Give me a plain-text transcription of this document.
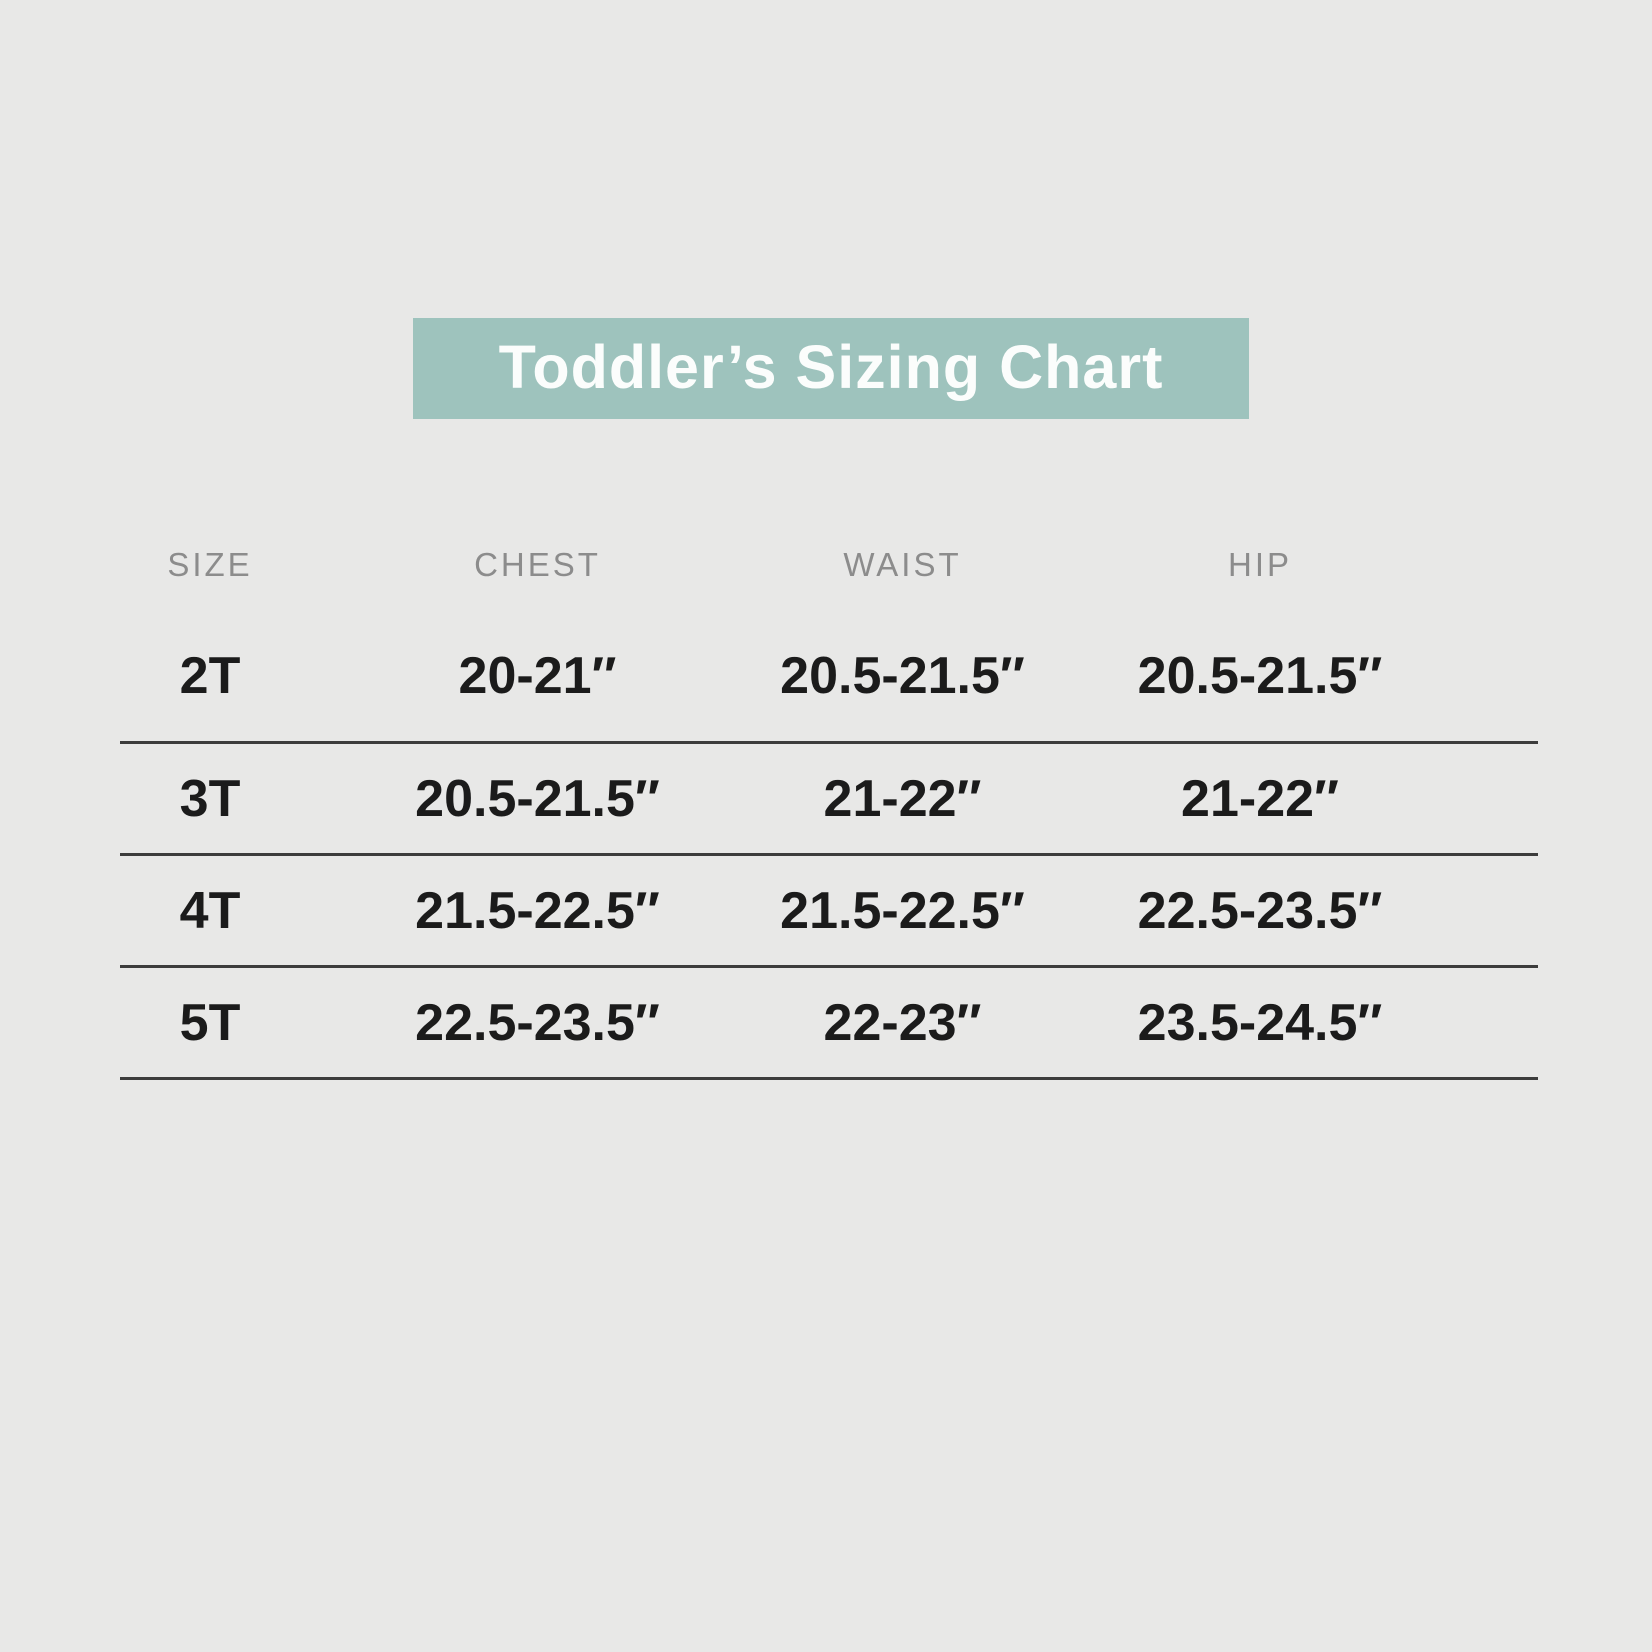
Toddler’s Sizing Chart
SIZE	CHEST	WAIST	HIP
2T	20-21″	20.5-21.5″	20.5-21.5″
3T	20.5-21.5″	21-22″	21-22″
4T	21.5-22.5″	21.5-22.5″	22.5-23.5″
5T	22.5-23.5″	22-23″	23.5-24.5″
